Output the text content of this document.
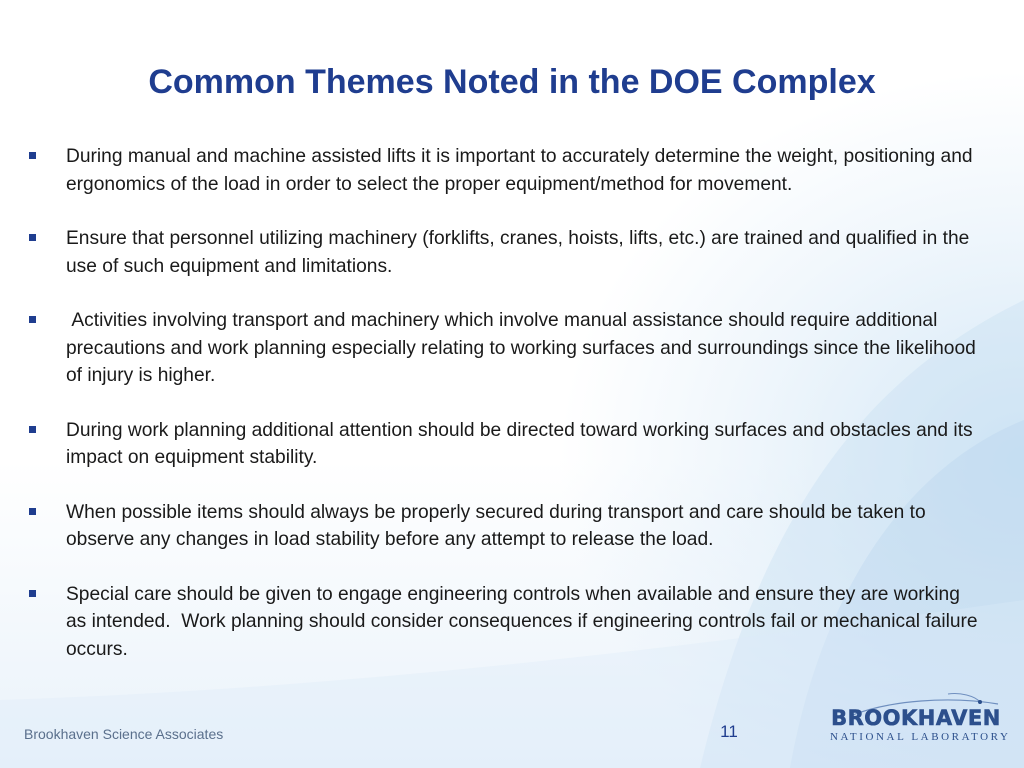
Common Themes Noted in the DOE Complex
During manual and machine assisted lifts it is important to accurately determine the weight, positioning and ergonomics of the load in order to select the proper equipment/method for movement.
Ensure that personnel utilizing machinery (forklifts, cranes, hoists, lifts, etc.) are trained and qualified in the use of such equipment and limitations.
Activities involving transport and machinery which involve manual assistance should require additional precautions and work planning especially relating to working surfaces and surroundings since the likelihood of injury is higher.
During work planning additional attention should be directed toward working surfaces and obstacles and its impact on equipment stability.
When possible items should always be properly secured during transport and care should be taken to observe any changes in load stability before any attempt to release the load.
Special care should be given to engage engineering controls when available and ensure they are working as intended.  Work planning should consider consequences if engineering controls fail or mechanical failure occurs.
Brookhaven Science Associates	11
BROOKHAVEN
NATIONAL LABORATORY
